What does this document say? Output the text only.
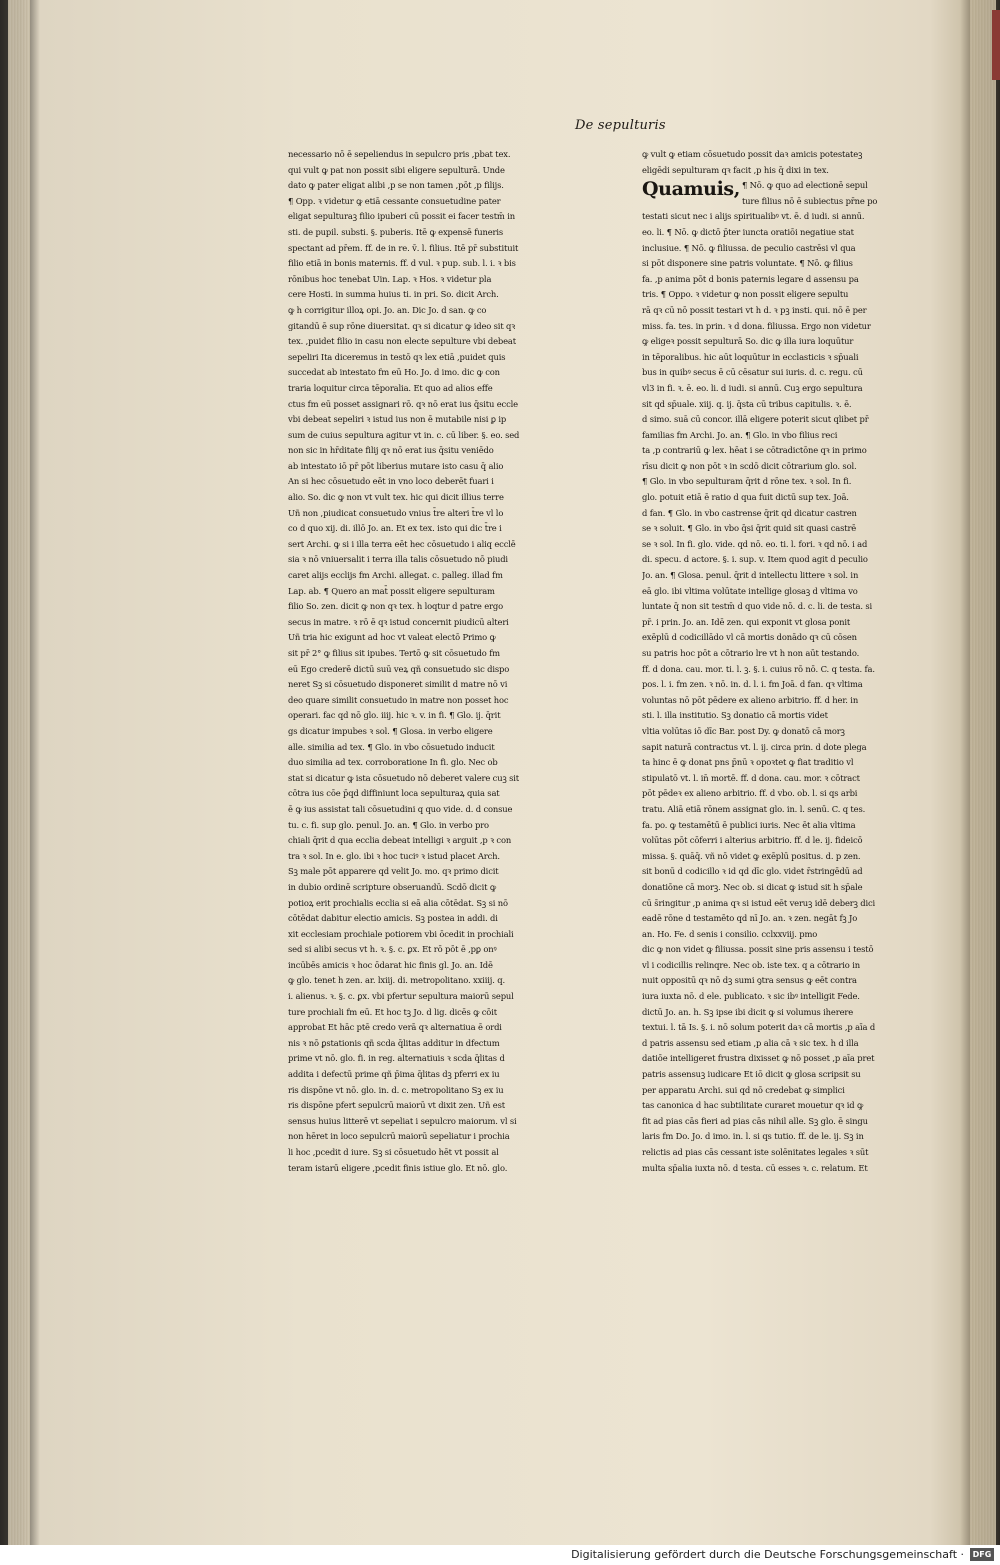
De sepulturis
necessario nō ē sepeliendus in sepulcro pris ,pbat tex.
qui vult ꝙ pat non possit sibi eligere sepulturā. Unde
dato ꝙ pater eligat alibi ,p se non tamen ,pōt ,p filijs.
¶ Opp. ꝛ videtur ꝙ etiā cessante consuetudine pater
eligat sepulturaꝫ filio ipuberi cū possit ei facer testm̄ in
sti. de pupil. substi. §. puberis. Itē ꝙ expensē funeris
spectant ad pr̄em. ff. de in re. v̄. l. filius. Itē pr̄ substituit
filio etiā in bonis maternis. ff. d vul. ꝛ pup. sub. l. i. ꝛ bis
rōnibus hoc tenebat Uin. Lap. ꝛ Hos. ꝛ videtur pla
cere Hosti. in summa huius ti. in pri. So. dicit Arch.
ꝙ h corrigitur illoꝝ opi. Jo. an. Dic Jo. d san. ꝙ co
gitandū ē sup rōne diuersitat. qꝛ si dicatur ꝙ ideo sit qꝛ
tex. ,puidet filio in casu non electe sepulture vbi debeat
sepeliri Ita diceremus in testō qꝛ lex etiā ,puidet quis
succedat ab intestato fm eū Ho. Jo. d imo. dic ꝙ con
traria loquitur circa tēporalia. Et quo ad alios effe
ctus fm eū posset assignari rō. qꝛ nō erat ius q̄situ eccle
vbi debeat sepeliri ꝛ istud ius non ē mutabile nisi ꝑ ip
sum de cuius sepultura agitur vt in. c. cū liber. §. eo. sed
non sic in hr̄ditate filij qꝛ nō erat ius q̄situ veniēdo
ab intestato iō pr̄ pōt liberius mutare isto casu q̄ alio
An si hec cōsuetudo eēt in vno loco deberēt fuari i
alio. So. dic ꝙ non vt vult tex. hic qui dicit illius terre
Uñ non ,piudicat consuetudo vnius t̄re alteri t̄re vl lo
co d quo xij. di. illō Jo. an. Et ex tex. isto qui dic t̄re i
sert Archi. ꝙ si i illa terra eēt hec cōsuetudo i aliq ecclē
sia ꝛ nō vniuersalit i terra illa talis cōsuetudo nō piudi
caret alijs ecclijs fm Archi. allegat. c. palleg. illad fm
Lap. ab. ¶ Quero an mat̄ possit eligere sepulturam
filio So. zen. dicit ꝙ non qꝛ tex. h loqtur d patre ergo
secus in matre. ꝛ rō ē qꝛ istud concernit piudicū alteri
Uñ tria hic exigunt ad hoc vt valeat electō Primo ꝙ
sit pr̄ 2° ꝙ filius sit ipubes. Tertō ꝙ sit cōsuetudo fm
eū Ego crederē dictū suū veꝝ qñ consuetudo sic dispo
neret Sꝫ si cōsuetudo disponeret similit d matre nō vi
deo quare similit consuetudo in matre non posset hoc
operari. fac qd nō glo. iiij. hic ꝛ. v. in fi. ¶ Glo. ij. q̄rit
gs dicatur impubes ꝛ sol. ¶ Glosa. in verbo eligere
alle. similia ad tex. ¶ Glo. in vbo cōsuetudo inducit
duo similia ad tex. corroboratione In fi. glo. Nec ob
stat si dicatur ꝙ ista cōsuetudo nō deberet valere cuꝫ sit
cōtra ius cōe p̄qd diffiniunt loca sepulturaꝝ quia sat
ē ꝙ ius assistat tali cōsuetudini q quo vide. d. d consue
tu. c. fi. sup glo. penul. Jo. an. ¶ Glo. in verbo pro
chiali q̄rit d qua ecclia debeat intelligi ꝛ arguit ,p ꝛ con
tra ꝛ sol. In e. glo. ibi ꝛ hoc tuciꝰ ꝛ istud placet Arch.
Sꝫ male pōt apparere qd velit Jo. mo. qꝛ primo dicit
in dubio ordinē scripture obseruandū. Scdō dicit ꝙ
potioꝝ erit prochialis ecclia si eā alia cōtēdat. Sꝫ si nō
cōtēdat dabitur electio amicis. Sꝫ postea in addi. di
xit ecclesiam prochiale potiorem vbi ōcedit in prochiali
sed si alibi secus vt h. ꝛ. §. c. ꝑx. Et rō pōt ē ,pꝑ onꝰ
incūbēs amicis ꝛ hoc ōdarat hic finis gl. Jo. an. Idē
ꝙ glo. tenet h zen. ar. lxiij. di. metropolitano. xxiiij. q.
i. alienus. ꝛ. §. c. ꝑx. vbi pfertur sepultura maiorū sepul
ture prochiali fm eū. Et hoc tꝫ Jo. d lig. dicēs ꝙ cōit
approbat Et hāc ptē credo verā qꝛ alternatiua ē ordi
nis ꝛ nō ꝑstationis qñ scda q̄litas additur in dfectum
prime vt nō. glo. fi. in reg. alternatiuis ꝛ scda q̄litas d
addita i defectū prime qñ p̄ima q̄litas dꝫ pferri ex iu
ris dispōne vt nō. glo. in. d. c. metropolitano Sꝫ ex iu
ris dispōne pfert sepulcrū maiorū vt dixit zen. Uñ est
sensus huius litterē vt sepeliat i sepulcro maiorum. vl si
non hēret in loco sepulcrū maiorū sepeliatur i prochia
li hoc ,pcedit d iure. Sꝫ si cōsuetudo hēt vt possit al
teram istarū eligere ,pcedit finis istiue glo. Et nō. glo.
ꝙ vult ꝙ etiam cōsuetudo possit daꝛ amicis potestateꝫ
eligēdi sepulturam qꝛ facit ,p his q̄ dixi in tex.
Quamuis, ¶ Nō. ꝙ quo ad electionē sepul
ture filius nō ē subiectus pr̄ne po
testati sicut nec i alijs spiritualibꝰ vt. ē. d iudi. si annū.
eo. li. ¶ Nō. ꝙ dictō p̄ter iuncta oratiōi negatiue stat
inclusiue. ¶ Nō. ꝙ filiussa. de peculio castrēsi vl qua
si pōt disponere sine patris voluntate. ¶ Nō. ꝙ filius
fa. ,p anima pōt d bonis paternis legare d assensu pa
tris. ¶ Oppo. ꝛ videtur ꝙ non possit eligere sepultu
rā qꝛ cū nō possit testari vt h d. ꝛ pꝫ insti. qui. nō ē per
miss. fa. tes. in prin. ꝛ d dona. filiussa. Ergo non videtur
ꝙ eligeꝛ possit sepulturā So. dic ꝙ illa iura loquūtur
in tēporalibus. hic aūt loquūtur in ecclasticis ꝛ sp̄uali
bus in quibꝰ secus ē cū cēsatur sui iuris. d. c. regu. cū
vl3 in fi. ꝛ. ē. eo. li. d iudi. si annū. Cuꝫ ergo sepultura
sit qd sp̄uale. xiij. q. ij. q̄sta cū tribus capitulis. ꝛ. ē.
d simo. suā cū concor. illā eligere poterit sicut qlibet pr̄
familias fm Archi. Jo. an. ¶ Glo. in vbo filius reci
ta ,p contrariū ꝙ lex. hēat i se cōtradictōne qꝛ in primo
rīsu dicit ꝙ non pōt ꝛ in scdō dicit cōtrarium glo. sol.
¶ Glo. in vbo sepulturam q̄rit d rōne tex. ꝛ sol. In fi.
glo. potuit etiā ē ratio d qua fuit dictū sup tex. Joā.
d fan. ¶ Glo. in vbo castrense q̄rit qd dicatur castren
se ꝛ soluit. ¶ Glo. in vbo q̄si q̄rit quid sit quasi castrē
se ꝛ sol. In fi. glo. vide. qd nō. eo. ti. l. fori. ꝛ qd nō. i ad
di. specu. d actore. §. i. sup. v. Item quod agit d peculio
Jo. an. ¶ Glosa. penul. q̄rit d intellectu littere ꝛ sol. in
eā glo. ibi vltima volūtate intellige glosaꝫ d vltima vo
luntate q̄ non sit testm̄ d quo vide nō. d. c. li. de testa. si
pr̄. i prin. Jo. an. Idē zen. qui exponit vt glosa ponit
exēplū d codicillādo vl cā mortis donādo qꝛ cū cōsen
su patris hoc pōt a cōtrario lre vt h non aūt testando.
ff. d dona. cau. mor. ti. l. ꝫ. §. i. cuius rō nō. C. q testa. fa.
pos. l. i. fm zen. ꝛ nō. in. d. l. i. fm Joā. d fan. qꝛ vltima
voluntas nō pōt pēdere ex alieno arbitrio. ff. d her. in
sti. l. illa institutio. Sꝫ donatio cā mortis videt
vltia volūtas iō dīc Bar. post Dy. ꝙ donatō cā morꝫ
sapit naturā contractus vt. l. ij. circa prin. d dote plega
ta hinc ē ꝙ donat pns p̄nū ꝛ opoꝛtet ꝙ fiat traditio vl
stipulatō vt. l. in̄ mortē. ff. d dona. cau. mor. ꝛ cōtract
pōt pēdeꝛ ex alieno arbitrio. ff. d vbo. ob. l. si qs arbi
tratu. Aliā etiā rōnem assignat glo. in. l. senū. C. q tes.
fa. po. ꝙ testamētū ē publici iuris. Nec ēt alia vltima
volūtas pōt cōferri i alterius arbitrio. ff. d le. ij. fideicō
missa. §. quāq̄. vñ nō videt ꝙ exēplū positus. d. p zen.
sit bonū d codicillo ꝛ id qd dīc glo. videt r̄stringēdū ad
donatiōne cā morꝫ. Nec ob. si dicat ꝙ istud sit h sp̄ale
cū s̄ringitur ,p anima qꝛ si istud eēt veruꝫ idē deberꝫ dici
eadē rōne d testamēto qd nī Jo. an. ꝛ zen. negāt fꝫ Jo
an. Ho. Fe. d senis i consilio. cclxxviij. pmo
dic ꝙ non videt ꝙ filiussa. possit sine pris assensu i testō
vl i codicillis relinqre. Nec ob. iste tex. q a cōtrario in
nuit oppositū qꝛ nō dꝫ sumi ꝯtra sensus ꝙ eēt contra
iura iuxta nō. d ele. publicato. ꝛ sic ibꝰ intelligit Fede.
dictū Jo. an. h. Sꝫ ipse ibi dicit ꝙ si volumus iherere
textui. l. tā Is. §. i. nō solum poterit daꝛ cā mortis ,p aīa d
d patris assensu sed etiam ,p alia cā ꝛ sic tex. h d illa
datiōe intelligeret frustra dixisset ꝙ nō posset ,p aīa pret
patris assensuꝫ iudicare Et iō dicit ꝙ glosa scripsit su
per apparatu Archi. sui qd nō credebat ꝙ simplici
tas canonica d hac subtilitate curaret mouetur qꝛ id ꝙ
fit ad pias cās fieri ad pias cās nihil alle. Sꝫ glo. ē singu
laris fm Do. Jo. d imo. in. l. si qs tutio. ff. de le. ij. Sꝫ in
relictis ad pias cās cessant iste solēnitates legales ꝛ sūt
multa sp̄alia iuxta nō. d testa. cū esses ꝛ. c. relatum. Et
Digitalisierung gefördert durch die Deutsche Forschungsgemeinschaft ·	DFG
